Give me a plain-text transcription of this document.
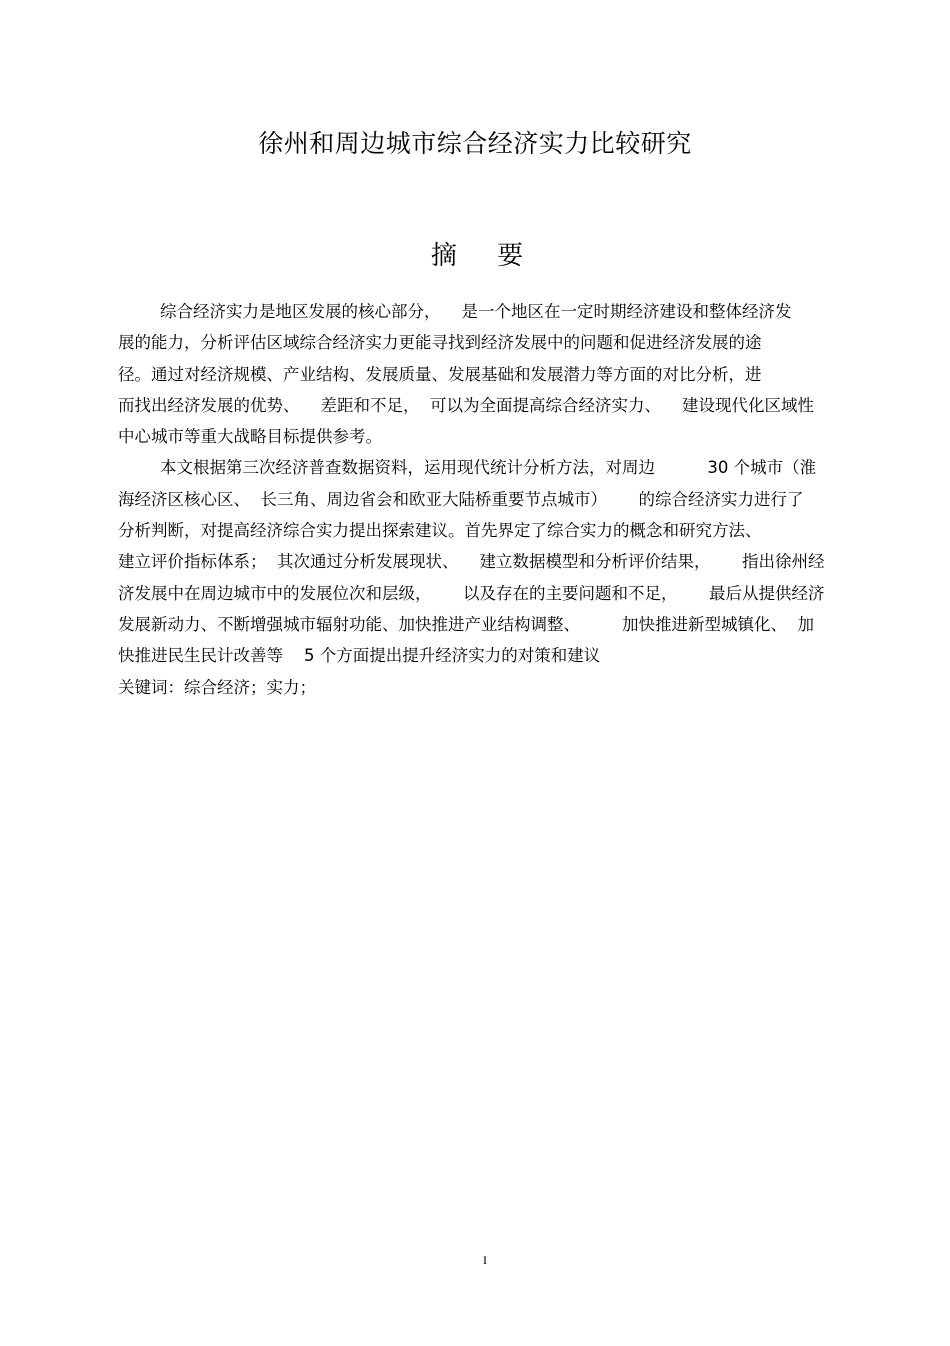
徐州和周边城市综合经济实力比较研究
摘 要
综合经济实力是地区发展的核心部分，    是一个地区在一定时期经济建设和整体经济发
展的能力，分析评估区域综合经济实力更能寻找到经济发展中的问题和促进经济发展的途
径。通过对经济规模、产业结构、发展质量、发展基础和发展潜力等方面的对比分析，进
而找出经济发展的优势、    差距和不足，  可以为全面提高综合经济实力、    建设现代化区域性
中心城市等重大战略目标提供参考。
本文根据第三次经济普查数据资料，运用现代统计分析方法，对周边          30 个城市（淮
海经济区核心区、  长三角、周边省会和欧亚大陆桥重要节点城市）      的综合经济实力进行了
分析判断，对提高经济综合实力提出探索建议。首先界定了综合实力的概念和研究方法、
建立评价指标体系；  其次通过分析发展现状、    建立数据模型和分析评价结果，      指出徐州经
济发展中在周边城市中的发展位次和层级，      以及存在的主要问题和不足，      最后从提供经济
发展新动力、不断增强城市辐射功能、加快推进产业结构调整、        加快推进新型城镇化、  加
快推进民生民计改善等    5 个方面提出提升经济实力的对策和建议
关键词：综合经济；实力；
I
